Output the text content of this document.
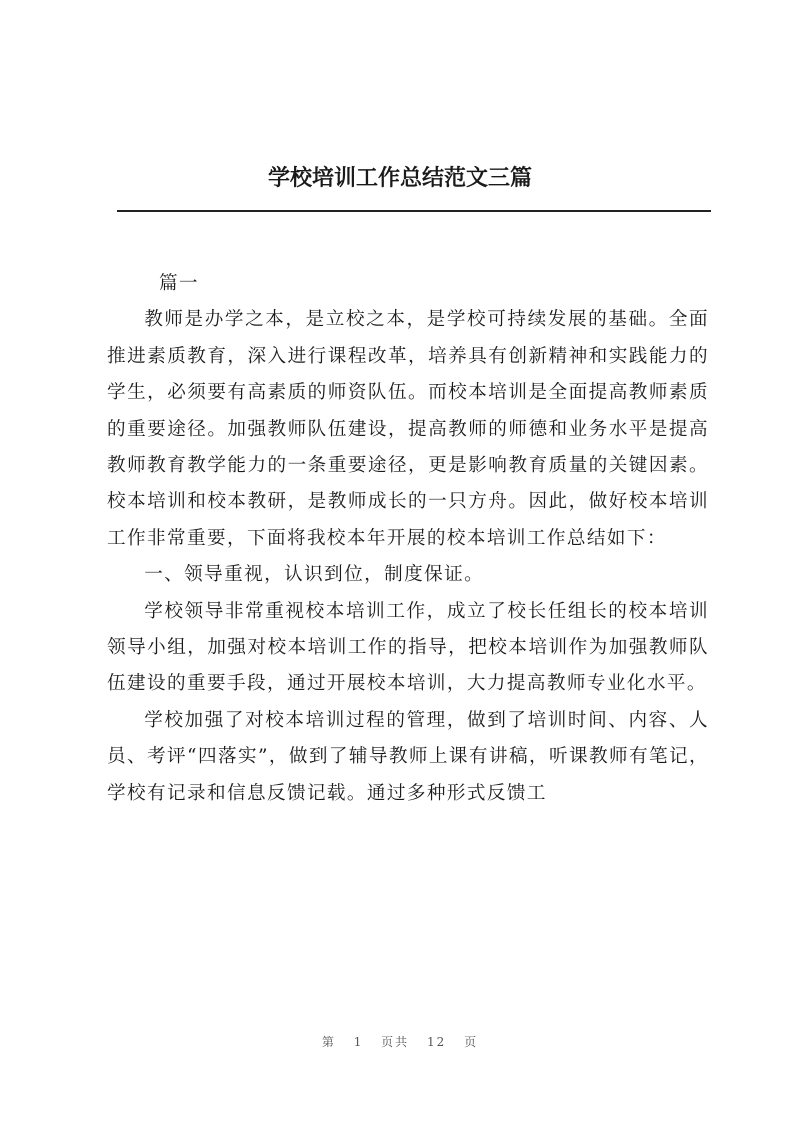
学校培训工作总结范文三篇

篇一

教师是办学之本，是立校之本，是学校可持续发展的基础。全面推进素质教育，深入进行课程改革，培养具有创新精神和实践能力的学生，必须要有高素质的师资队伍。而校本培训是全面提高教师素质的重要途径。加强教师队伍建设，提高教师的师德和业务水平是提高教师教育教学能力的一条重要途径，更是影响教育质量的关键因素。校本培训和校本教研，是教师成长的一只方舟。因此，做好校本培训工作非常重要，下面将我校本年开展的校本培训工作总结如下：

一、领导重视，认识到位，制度保证。

学校领导非常重视校本培训工作，成立了校长任组长的校本培训领导小组，加强对校本培训工作的指导，把校本培训作为加强教师队伍建设的重要手段，通过开展校本培训，大力提高教师专业化水平。

学校加强了对校本培训过程的管理，做到了培训时间、内容、人员、考评“四落实”，做到了辅导教师上课有讲稿，听课教师有笔记，学校有记录和信息反馈记载。通过多种形式反馈工

第 1 页共 12 页
